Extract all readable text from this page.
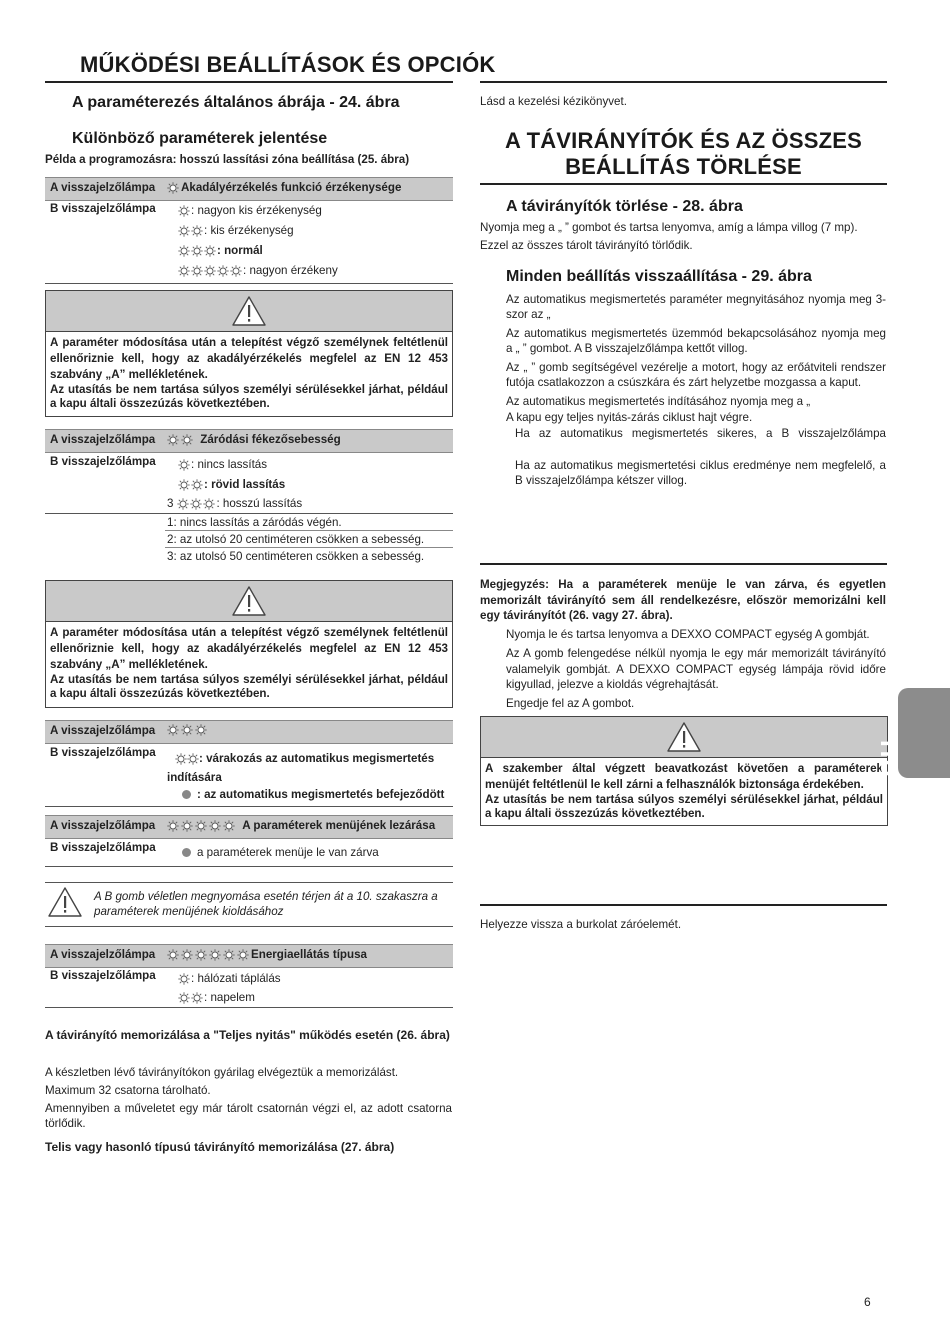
MŰKÖDÉSI BEÁLLÍTÁSOK ÉS OPCIÓK
A paraméterezés általános ábrája - 24. ábra
Különböző paraméterek jelentése
Példa a programozásra: hosszú lassítási zóna beállítása (25. ábra)
A visszajelzőlámpa Akadályérzékelés funkció érzékenysége
B visszajelzőlámpa	: nagyon kis érzékenység
: kis érzékenység
: normál
: nagyon érzékeny
A paraméter módosítása után a telepítést végző személynek feltétlenül ellenőriznie kell, hogy az akadályérzékelés megfelel az EN 12 453 szabvány „A” mellékletének.
Az utasítás be nem tartása súlyos személyi sérülésekkel járhat, például a kapu általi összezúzás következtében.
A visszajelzőlámpa
	Záródási fékezősebesség
B visszajelzőlámpa	: nincs lassítás
: rövid lassítás
3	: hosszú lassítás
1: nincs lassítás a záródás végén.
2: az utolsó 20 centiméteren csökken a sebesség.
3: az utolsó 50 centiméteren csökken a sebesség.
A paraméter módosítása után a telepítést végző személynek feltétlenül ellenőriznie kell, hogy az akadályérzékelés megfelel az EN 12 453 szabvány „A” mellékletének.
Az utasítás be nem tartása súlyos személyi sérülésekkel járhat, például a kapu általi összezúzás következtében.
A visszajelzőlámpa
B visszajelzőlámpa	: várakozás az automatikus megismertetés indítására
: az automatikus megismertetés befejeződött
A visszajelzőlámpa
	A paraméterek menüjének lezárása
B visszajelzőlámpa	a paraméterek menüje le van zárva
A B gomb véletlen megnyomása esetén térjen át a 10. szakaszra a paraméterek menüjének kioldásához
A visszajelzőlámpa	Energiaellátás típusa
B visszajelzőlámpa	: hálózati táplálás
: napelem
A távirányító memorizálása a "Teljes nyitás" működés esetén (26. ábra)
A készletben lévő távirányítókon gyárilag elvégeztük a memorizálást.
Maximum 32 csatorna tárolható.
Amennyiben a műveletet egy már tárolt csatornán végzi el, az adott csatorna törlődik.
Telis vagy hasonló típusú távirányító memorizálása (27. ábra)
Lásd a kezelési kézikönyvet.
A TÁVIRÁNYÍTÓK ÉS AZ ÖSSZES
BEÁLLÍTÁS TÖRLÉSE
A távirányítók törlése - 28. ábra
Nyomja meg a „ ” gombot és tartsa lenyomva, amíg a lámpa villog (7 mp).
Ezzel az összes tárolt távirányító törlődik.
Minden beállítás visszaállítása - 29. ábra
Az automatikus megismertetés paraméter megnyitásához nyomja meg 3-szor az „
Az automatikus megismertetés üzemmód bekapcsolásához nyomja meg a „ ” gombot. A B visszajelzőlámpa kettőt villog.
Az „ ” gomb segítségével vezérelje a motort, hogy az erőátviteli rendszer futója csatlakozzon a csúszkára és zárt helyzetbe mozgassa a kaput.
Az automatikus megismertetés indításához nyomja meg a „
A kapu egy teljes nyitás-zárás ciklust hajt végre.
Ha az automatikus megismertetés sikeres, a B visszajelzőlámpa
Ha az automatikus megismertetési ciklus eredménye nem megfelelő, a B visszajelzőlámpa kétszer villog.
Megjegyzés: Ha a paraméterek menüje le van zárva, és egyetlen memorizált távirányító sem áll rendelkezésre, először memorizálni kell egy távirányítót (26. vagy 27. ábra).
Nyomja le és tartsa lenyomva a DEXXO COMPACT egység A gombját.
Az A gomb felengedése nélkül nyomja le egy már memorizált távirányító valamelyik gombját. A DEXXO COMPACT egység lámpája rövid időre kigyullad, jelezve a kioldás végrehajtását.
Engedje fel az A gombot.
A szakember által végzett beavatkozást követően a paraméterek menüjét feltétlenül le kell zárni a felhasználók biztonsága érdekében.
Az utasítás be nem tartása súlyos személyi sérülésekkel járhat, például a kapu általi összezúzás következtében.
Helyezze vissza a burkolat záróelemét.
HU
6
